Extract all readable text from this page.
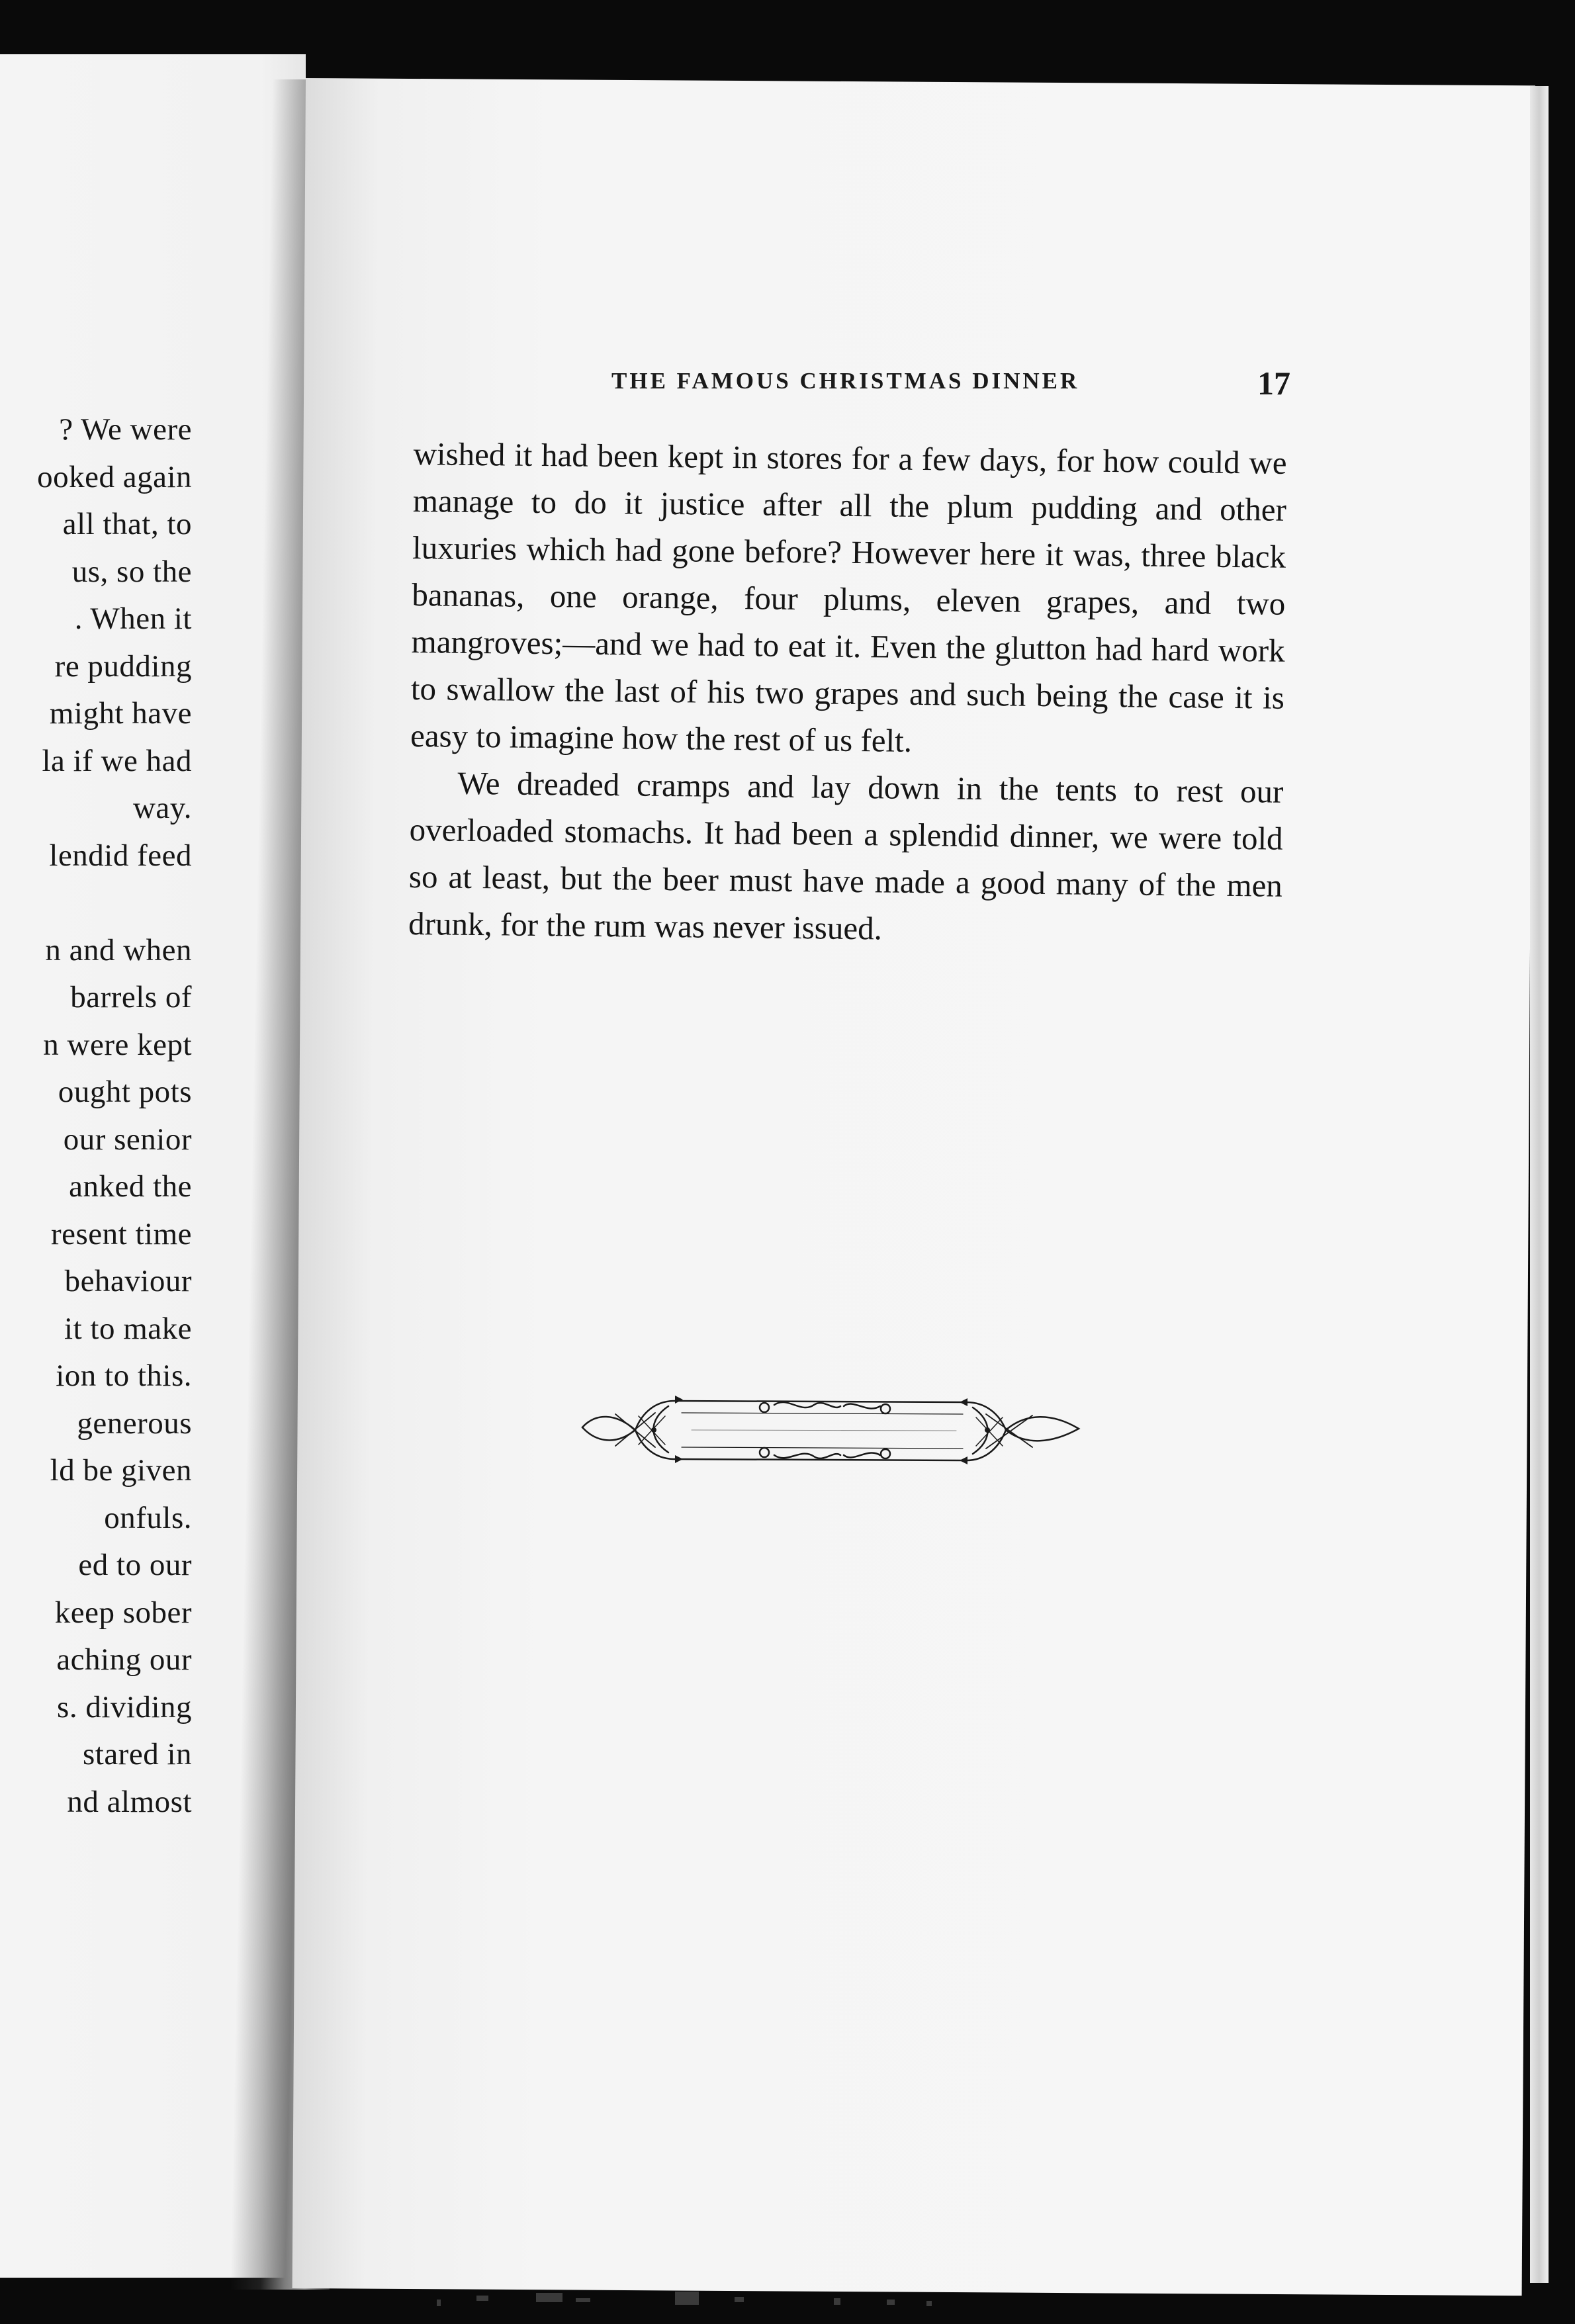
? We were
ooked again
all that, to
us, so the
. When it
re pudding
might have
la if we had
way.
lendid feed
n and when
barrels of
n were kept
ought pots
our senior
anked the
resent time
behaviour
it to make
ion to this.
generous
ld be given
onfuls.
ed to our
keep sober
aching our
s. dividing
stared in
nd almost
THE FAMOUS CHRISTMAS DINNER	17

wished it had been kept in stores for a few days, for how could we manage to do it justice after all the plum pudding and other luxuries which had gone before? However here it was, three black bananas, one orange, four plums, eleven grapes, and two mangroves;—and we had to eat it. Even the glutton had hard work to swallow the last of his two grapes and such being the case it is easy to imagine how the rest of us felt.

We dreaded cramps and lay down in the tents to rest our overloaded stomachs. It had been a splendid dinner, we were told so at least, but the beer must have made a good many of the men drunk, for the rum was never issued.
